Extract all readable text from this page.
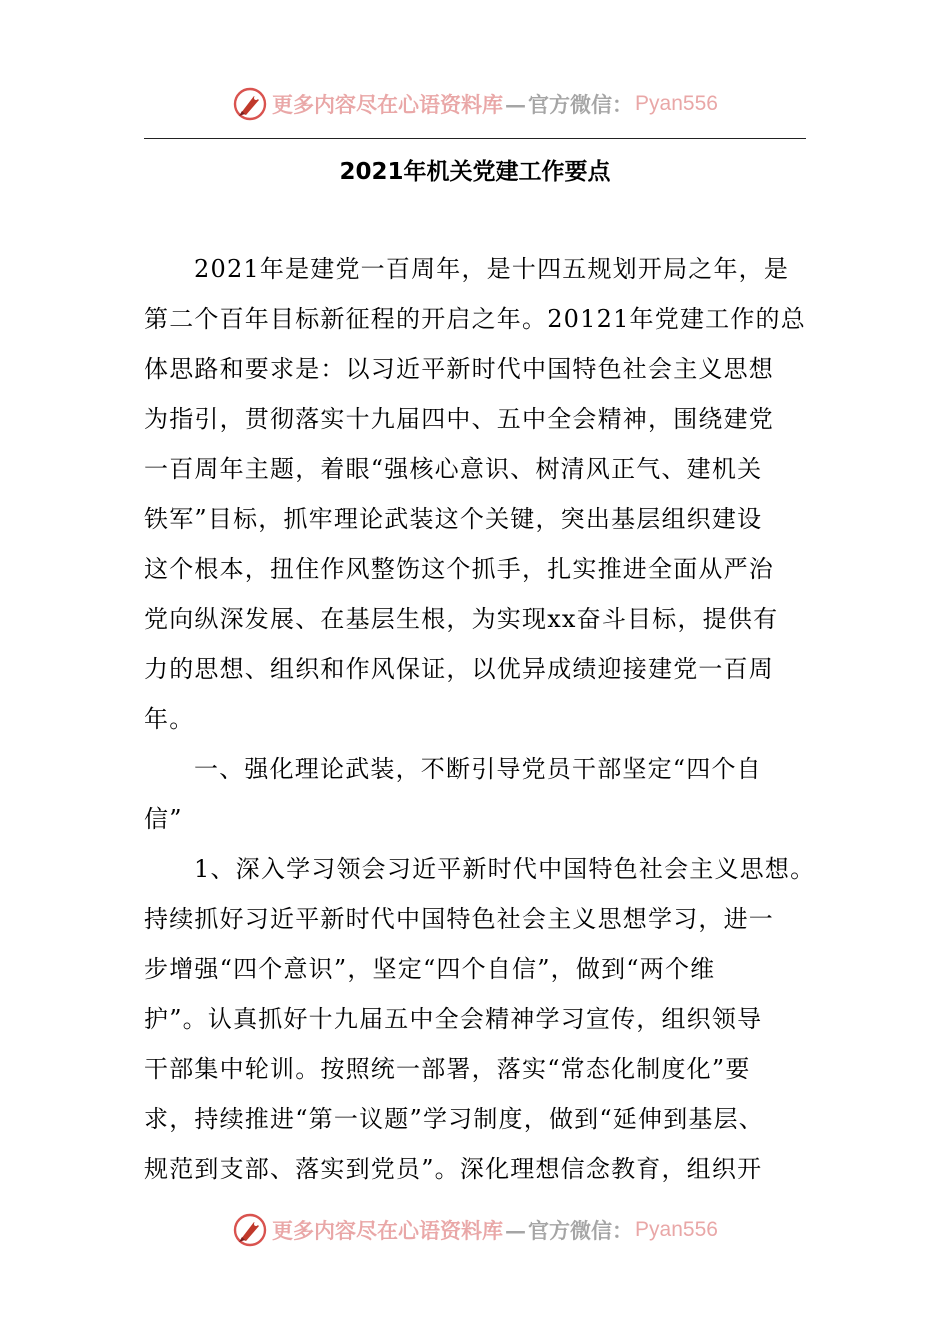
更多内容尽在心语资料库 — 官方微信： Pyan556
2021年机关党建工作要点
2021年是建党一百周年，是十四五规划开局之年，是
第二个百年目标新征程的开启之年。20121年党建工作的总
体思路和要求是：以习近平新时代中国特色社会主义思想
为指引，贯彻落实十九届四中、五中全会精神，围绕建党
一百周年主题，着眼“强核心意识、树清风正气、建机关
铁军”目标，抓牢理论武装这个关键，突出基层组织建设
这个根本，扭住作风整饬这个抓手，扎实推进全面从严治
党向纵深发展、在基层生根，为实现xx奋斗目标，提供有
力的思想、组织和作风保证，以优异成绩迎接建党一百周
年。
一、强化理论武装，不断引导党员干部坚定“四个自
信”
1、深入学习领会习近平新时代中国特色社会主义思想。
持续抓好习近平新时代中国特色社会主义思想学习，进一
步增强“四个意识”，坚定“四个自信”，做到“两个维
护”。认真抓好十九届五中全会精神学习宣传，组织领导
干部集中轮训。按照统一部署，落实“常态化制度化”要
求，持续推进“第一议题”学习制度，做到“延伸到基层、
规范到支部、落实到党员”。深化理想信念教育，组织开
更多内容尽在心语资料库 — 官方微信： Pyan556
